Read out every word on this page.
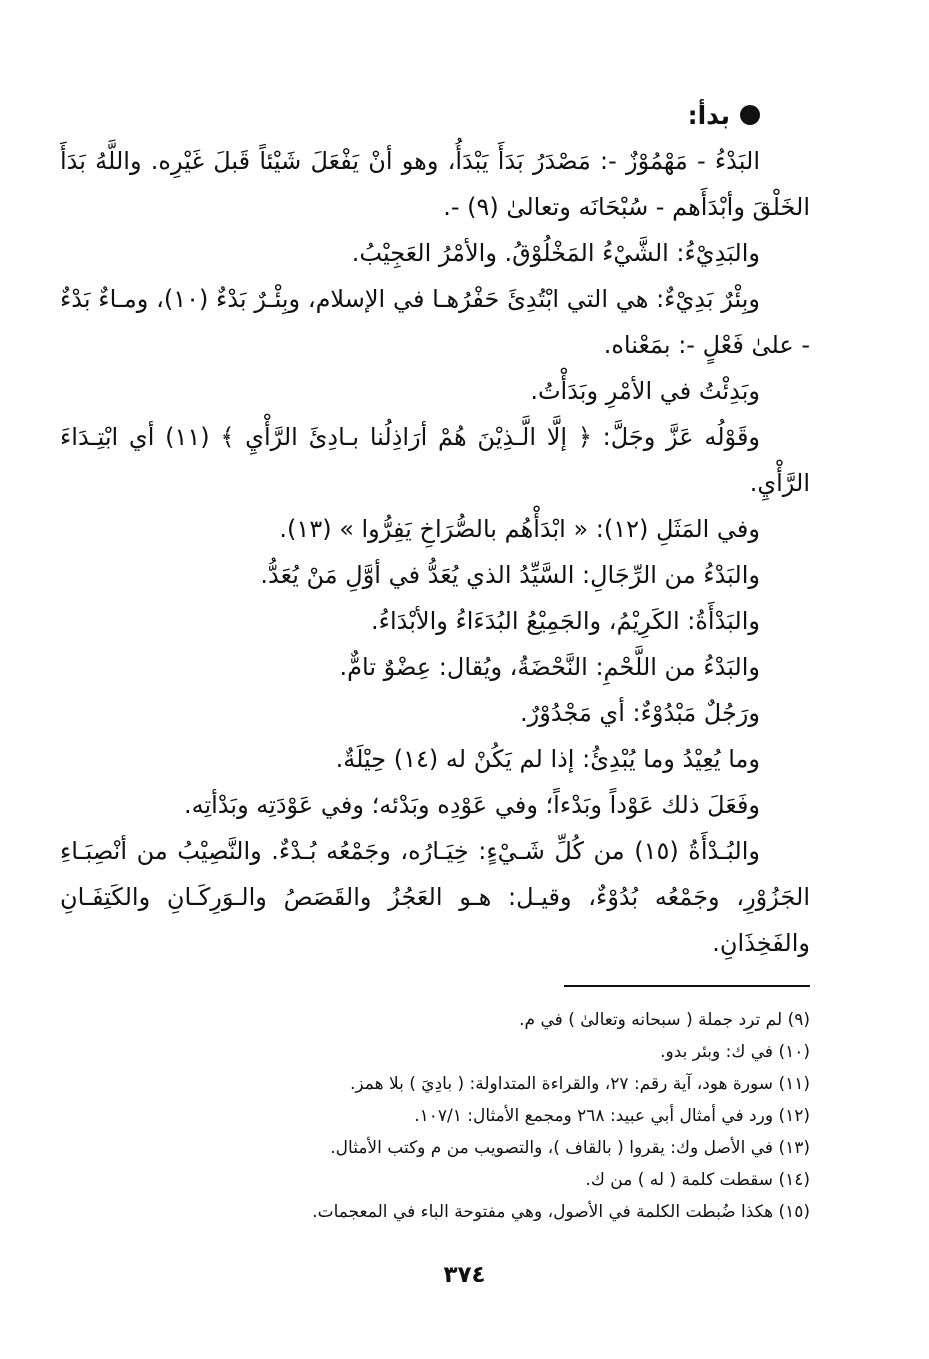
بدأ:

البَدْءُ - مَهْمُوْزٌ -: مَصْدَرُ بَدَأَ يَبْدَأُ، وهو أنْ يَفْعَلَ شَيْئاً قَبلَ غَيْرِه. واللَّهُ بَدَأَ الخَلْقَ وأبْدَأَهم - سُبْحَانَه وتعالىٰ (٩) -.

والبَدِيْءُ: الشَّيْءُ المَخْلُوْقُ. والأمْرُ العَجِيْبُ.

وبِئْرٌ بَدِيْءٌ: هي التي ابْتُدِئَ حَفْرُهـا في الإسلام، وبِئْـرٌ بَدْءٌ (١٠)، ومـاءٌ بَدْءٌ - علىٰ فَعْلٍ -: بمَعْناه.

وبَدِئْتُ في الأمْرِ وبَدَأْتُ.

وقَوْلُه عَزَّ وجَلَّ: ﴿ إلَّا الَّـذِيْنَ هُمْ أرَاذِلُنا بـادِئَ الرَّأْيِ ﴾ (١١) أي ابْتِـدَاءَ الرَّأْيِ.

وفي المَثَلِ (١٢): « ابْدَأْهُم بالصُّرَاخِ يَفِرُّوا » (١٣).

والبَدْءُ من الرِّجَالِ: السَّيِّدُ الذي يُعَدُّ في أوَّلِ مَنْ يُعَدُّ.

والبَدْأَةُ: الكَرِيْمُ، والجَمِيْعُ البُدَءَاءُ والأبْدَاءُ.

والبَدْءُ من اللَّحْمِ: النَّحْضَةُ، ويُقال: عِضْوٌ تامٌّ.

ورَجُلٌ مَبْدُوْءٌ: أي مَجْدُوْرٌ.

وما يُعِيْدُ وما يُبْدِئُ: إذا لم يَكُنْ له (١٤) حِيْلَةٌ.

وفَعَلَ ذلك عَوْداً وبَدْءاً؛ وفي عَوْدِه وبَدْئه؛ وفي عَوْدَتِه وبَدْأتِه.

والبُـدْأَةُ (١٥) من كُلِّ شَـيْءٍ: خِيَـارُه، وجَمْعُه بُـدْءٌ. والنَّصِيْبُ من أنْصِبَـاءِ الجَزُوْرِ، وجَمْعُه بُدُوْءٌ، وقيـل: هـو العَجُزُ والقَصَصُ والـوَرِكَـانِ والكَتِفَـانِ والفَخِذَانِ.

(٩) لم ترد جملة ( سبحانه وتعالىٰ ) في م.

(١٠) في ك: وبئر بدو.

(١١) سورة هود، آية رقم: ٢٧، والقراءة المتداولة: ( بادِيَ ) بلا همز.

(١٢) ورد في أمثال أبي عبيد: ٢٦٨ ومجمع الأمثال: ١٠٧/١.

(١٣) في الأصل وك: يقروا ( بالقاف )، والتصويب من م وكتب الأمثال.

(١٤) سقطت كلمة ( له ) من ك.

(١٥) هكذا ضُبطت الكلمة في الأصول، وهي مفتوحة الباء في المعجمات.

٣٧٤
